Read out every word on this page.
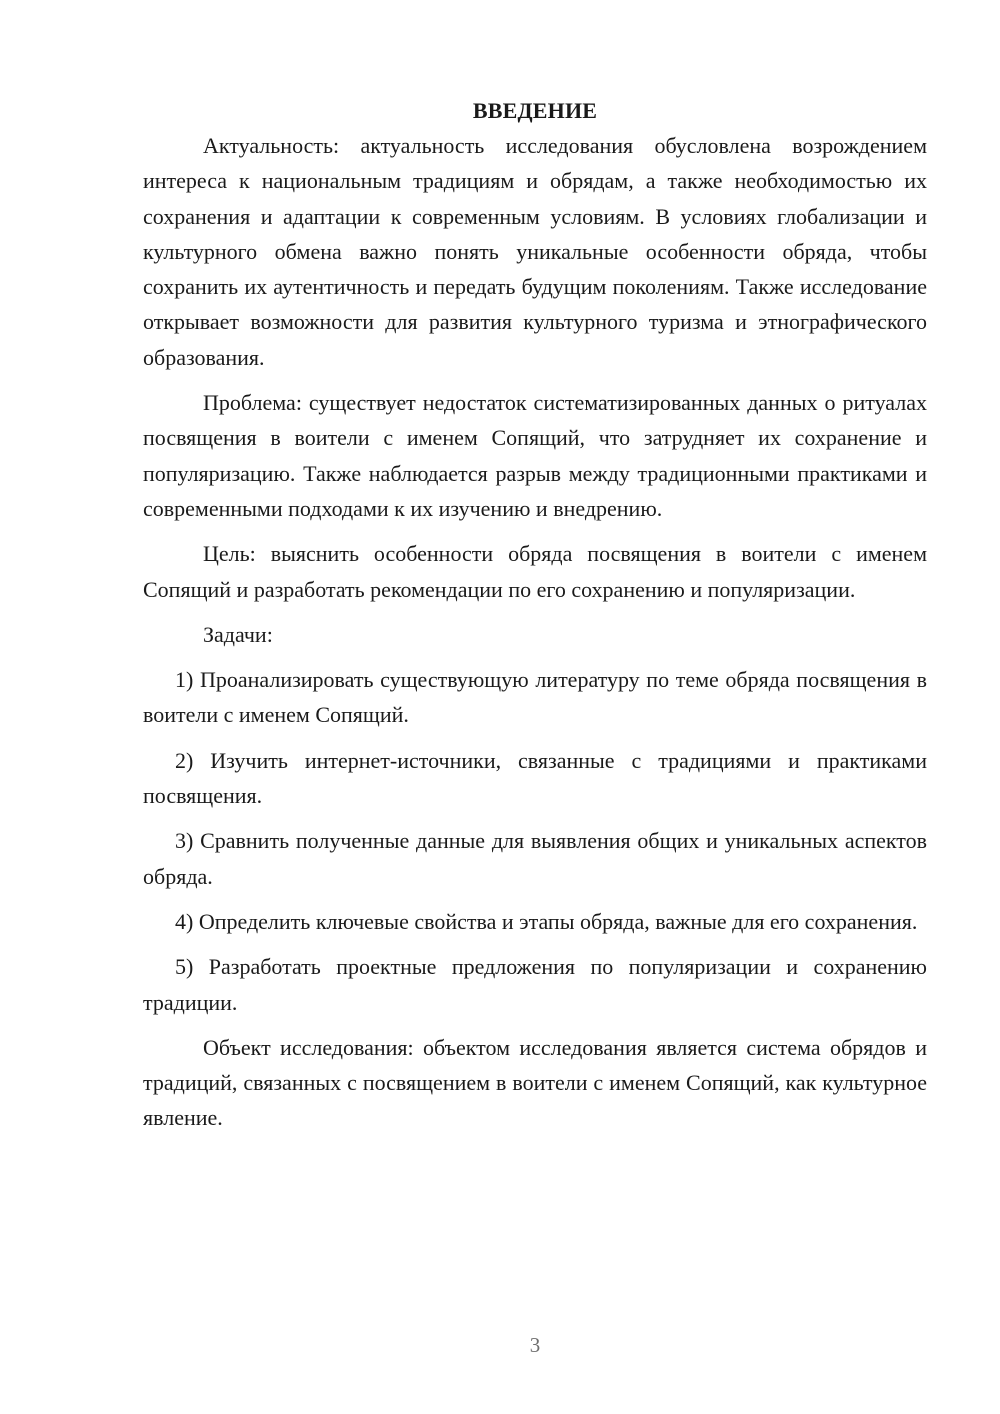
ВВЕДЕНИЕ

Актуальность: актуальность исследования обусловлена возрождением интереса к национальным традициям и обрядам, а также необходимостью их сохранения и адаптации к современным условиям. В условиях глобализации и культурного обмена важно понять уникальные особенности обряда, чтобы сохранить их аутентичность и передать будущим поколениям. Также исследование открывает возможности для развития культурного туризма и этнографического образования.

Проблема: существует недостаток систематизированных данных о ритуалах посвящения в воители с именем Сопящий, что затрудняет их сохранение и популяризацию. Также наблюдается разрыв между традиционными практиками и современными подходами к их изучению и внедрению.

Цель: выяснить особенности обряда посвящения в воители с именем Сопящий и разработать рекомендации по его сохранению и популяризации.

Задачи:

1) Проанализировать существующую литературу по теме обряда посвящения в воители с именем Сопящий.

2) Изучить интернет-источники, связанные с традициями и практиками посвящения.

3) Сравнить полученные данные для выявления общих и уникальных аспектов обряда.

4) Определить ключевые свойства и этапы обряда, важные для его сохранения.

5) Разработать проектные предложения по популяризации и сохранению традиции.

Объект исследования: объектом исследования является система обрядов и традиций, связанных с посвящением в воители с именем Сопящий, как культурное явление.

3
